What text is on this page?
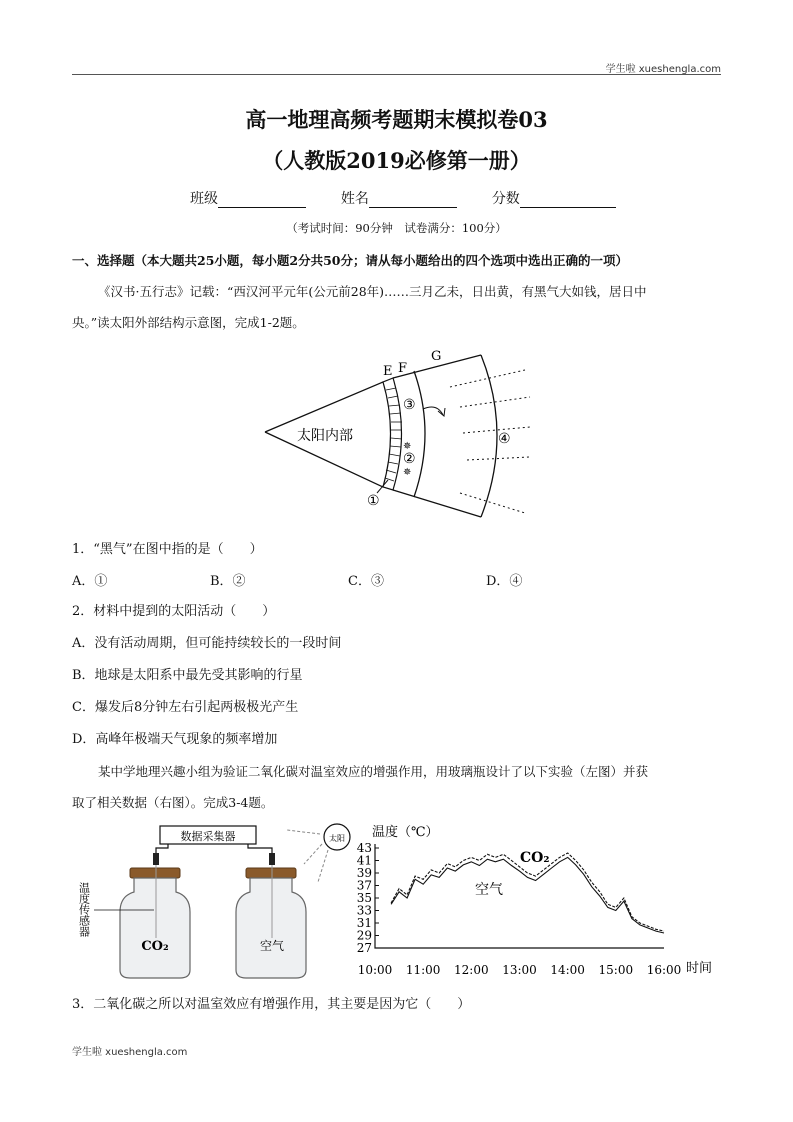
学生啦 xueshengla.com
高一地理高频考题期末模拟卷03
（人教版2019必修第一册）
班级	姓名	分数
（考试时间：90分钟　试卷满分：100分）
一、选择题（本大题共25小题，每小题2分共50分；请从每小题给出的四个选项中选出正确的一项）
《汉书·五行志》记载：“西汉河平元年(公元前28年)……三月乙未，日出黄，有黑气大如钱，居日中
央。”读太阳外部结构示意图，完成1-2题。
✵
✵
E F
G
太阳内部
③
②
④
①
1．“黑气”在图中指的是（　　）
A．①	B．②	C．③	D．④
2．材料中提到的太阳活动（　　）
A．没有活动周期，但可能持续较长的一段时间
B．地球是太阳系中最先受其影响的行星
C．爆发后8分钟左右引起两极极光产生
D．高峰年极端天气现象的频率增加
某中学地理兴趣小组为验证二氧化碳对温室效应的增强作用，用玻璃瓶设计了以下实验（左图）并获
取了相关数据（右图）。完成3-4题。
数据采集器	太阳
CO₂	空气
温度传感器
温度（℃）
27
29
31
33
35
37
39
41
43
10:00 11:00 12:00 13:00 14:00 15:00 16:00 时间
CO₂
空气
3．二氧化碳之所以对温室效应有增强作用，其主要是因为它（　　）
学生啦 xueshengla.com
